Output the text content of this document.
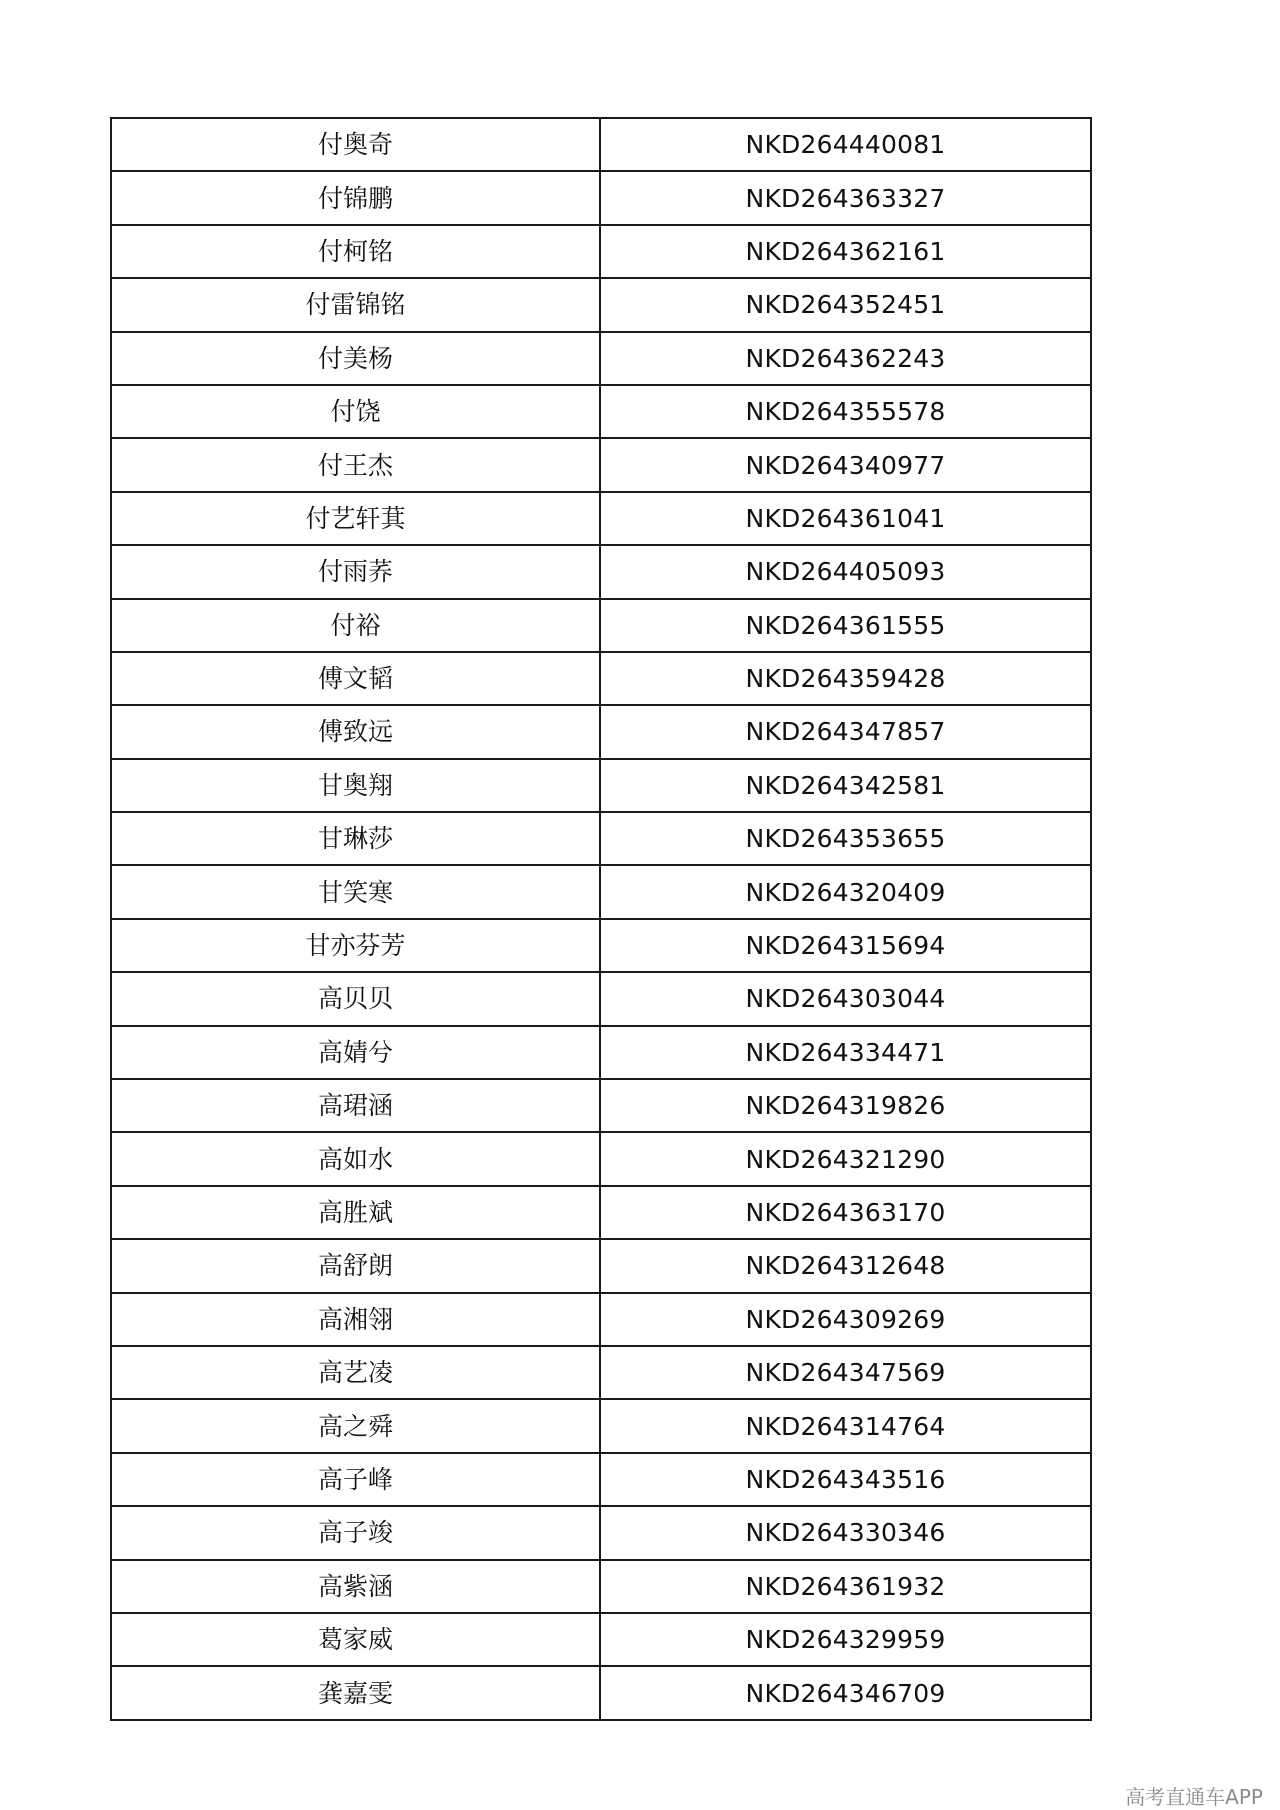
付奥奇	NKD264440081
付锦鹏	NKD264363327
付柯铭	NKD264362161
付雷锦铭	NKD264352451
付美杨	NKD264362243
付饶	NKD264355578
付王杰	NKD264340977
付艺轩萁	NKD264361041
付雨荞	NKD264405093
付裕	NKD264361555
傅文韬	NKD264359428
傅致远	NKD264347857
甘奥翔	NKD264342581
甘琳莎	NKD264353655
甘笑寒	NKD264320409
甘亦芬芳	NKD264315694
高贝贝	NKD264303044
高婧兮	NKD264334471
高珺涵	NKD264319826
高如水	NKD264321290
高胜斌	NKD264363170
高舒朗	NKD264312648
高湘翎	NKD264309269
高艺凌	NKD264347569
高之舜	NKD264314764
高子峰	NKD264343516
高子竣	NKD264330346
高紫涵	NKD264361932
葛家威	NKD264329959
龚嘉雯	NKD264346709
高考直通车APP
